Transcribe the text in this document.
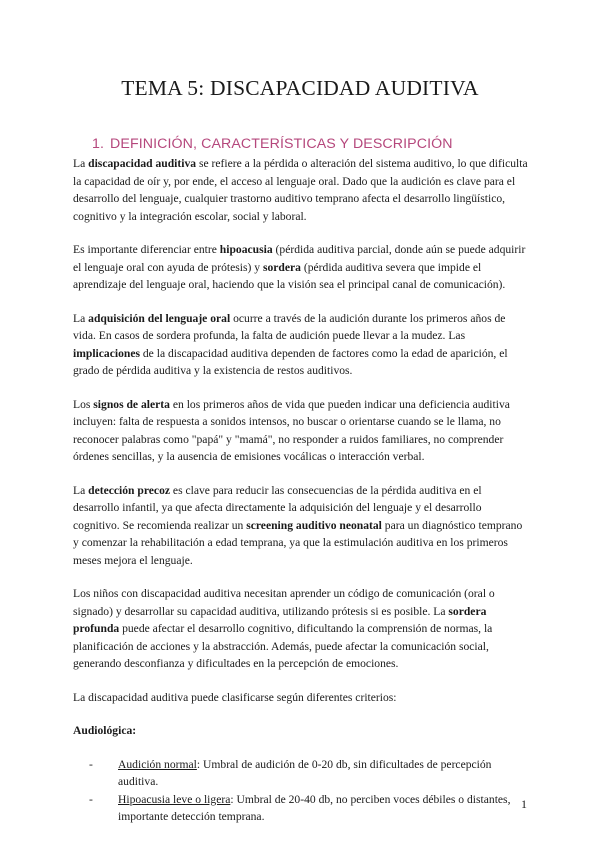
TEMA 5: DISCAPACIDAD AUDITIVA
1. DEFINICIÓN, CARACTERÍSTICAS Y DESCRIPCIÓN

La discapacidad auditiva se refiere a la pérdida o alteración del sistema auditivo, lo que dificulta la capacidad de oír y, por ende, el acceso al lenguaje oral. Dado que la audición es clave para el desarrollo del lenguaje, cualquier trastorno auditivo temprano afecta el desarrollo lingüístico, cognitivo y la integración escolar, social y laboral.

Es importante diferenciar entre hipoacusia (pérdida auditiva parcial, donde aún se puede adquirir el lenguaje oral con ayuda de prótesis) y sordera (pérdida auditiva severa que impide el aprendizaje del lenguaje oral, haciendo que la visión sea el principal canal de comunicación).

La adquisición del lenguaje oral ocurre a través de la audición durante los primeros años de vida. En casos de sordera profunda, la falta de audición puede llevar a la mudez. Las implicaciones de la discapacidad auditiva dependen de factores como la edad de aparición, el grado de pérdida auditiva y la existencia de restos auditivos.

Los signos de alerta en los primeros años de vida que pueden indicar una deficiencia auditiva incluyen: falta de respuesta a sonidos intensos, no buscar o orientarse cuando se le llama, no reconocer palabras como "papá" y "mamá", no responder a ruidos familiares, no comprender órdenes sencillas, y la ausencia de emisiones vocálicas o interacción verbal.

La detección precoz es clave para reducir las consecuencias de la pérdida auditiva en el desarrollo infantil, ya que afecta directamente la adquisición del lenguaje y el desarrollo cognitivo. Se recomienda realizar un screening auditivo neonatal para un diagnóstico temprano y comenzar la rehabilitación a edad temprana, ya que la estimulación auditiva en los primeros meses mejora el lenguaje.

Los niños con discapacidad auditiva necesitan aprender un código de comunicación (oral o signado) y desarrollar su capacidad auditiva, utilizando prótesis si es posible. La sordera profunda puede afectar el desarrollo cognitivo, dificultando la comprensión de normas, la planificación de acciones y la abstracción. Además, puede afectar la comunicación social, generando desconfianza y dificultades en la percepción de emociones.

La discapacidad auditiva puede clasificarse según diferentes criterios:

Audiológica:
- Audición normal: Umbral de audición de 0-20 db, sin dificultades de percepción auditiva.
- Hipoacusia leve o ligera: Umbral de 20-40 db, no perciben voces débiles o distantes, importante detección temprana.
1
